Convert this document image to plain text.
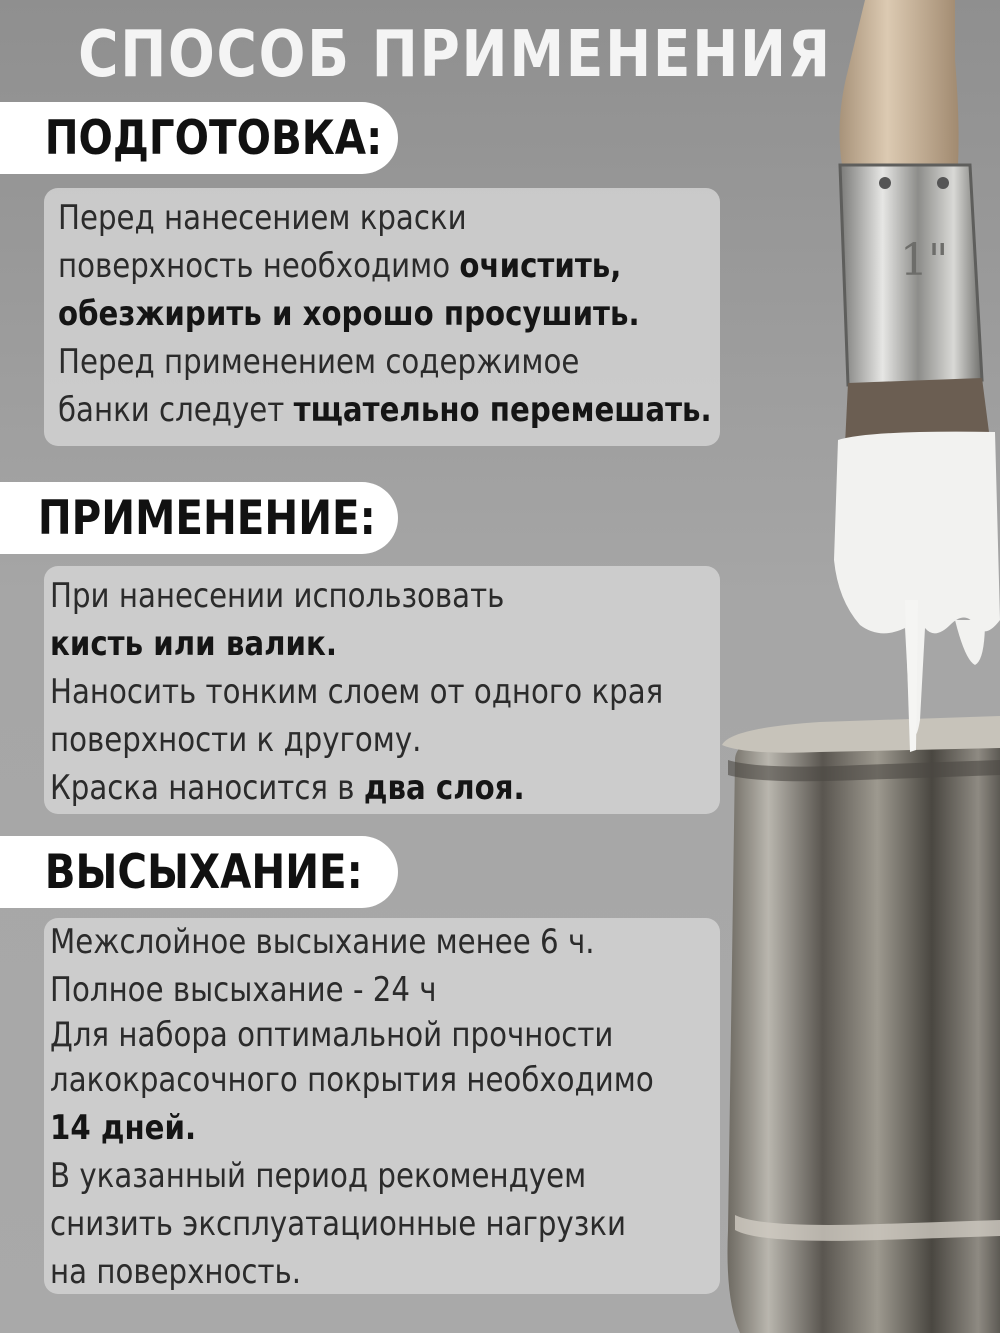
1"
СПОСОБ ПРИМЕНЕНИЯ
ПОДГОТОВКА:
Перед нанесением краски
поверхность необходимо очистить,
обезжирить и хорошо просушить.
Перед применением содержимое
банки следует тщательно перемешать.
ПРИМЕНЕНИЕ:
При нанесении использовать
кисть или валик.
Наносить тонким слоем от одного края
поверхности к другому.
Краска наносится в два слоя.
ВЫСЫХАНИЕ:
Межслойное высыхание менее 6 ч.
Полное высыхание - 24 ч
Для набора оптимальной прочности
лакокрасочного покрытия необходимо
14 дней.
В указанный период рекомендуем
снизить эксплуатационные нагрузки
на поверхность.
